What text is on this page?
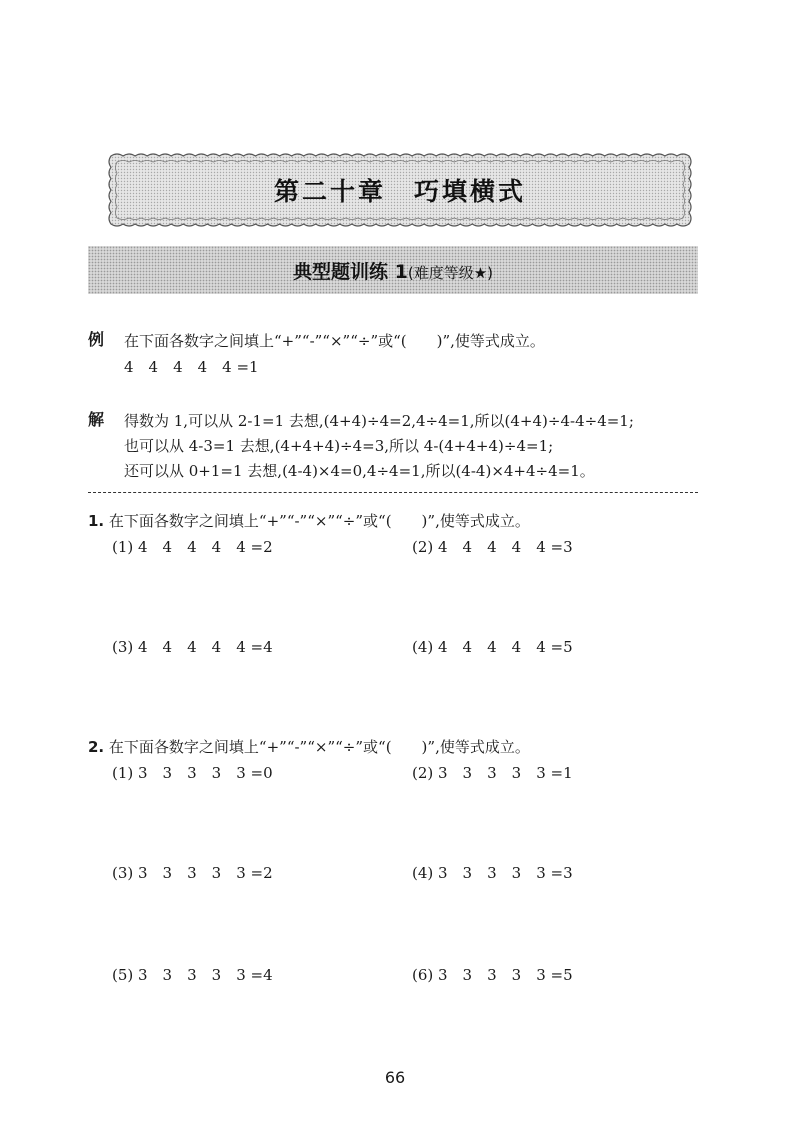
第二十章　巧填横式
典型题训练 1(难度等级★)
例 在下面各数字之间填上“+”“-”“×”“÷”或“(　　)”,使等式成立。
4　4　4　4　4 =1
解 得数为 1,可以从 2-1=1 去想,(4+4)÷4=2,4÷4=1,所以(4+4)÷4-4÷4=1;
也可以从 4-3=1 去想,(4+4+4)÷4=3,所以 4-(4+4+4)÷4=1;
还可以从 0+1=1 去想,(4-4)×4=0,4÷4=1,所以(4-4)×4+4÷4=1。
1. 在下面各数字之间填上“+”“-”“×”“÷”或“(　　)”,使等式成立。
(1) 4　4　4　4　4 =2	(2) 4　4　4　4　4 =3
(3) 4　4　4　4　4 =4	(4) 4　4　4　4　4 =5
2. 在下面各数字之间填上“+”“-”“×”“÷”或“(　　)”,使等式成立。
(1) 3　3　3　3　3 =0	(2) 3　3　3　3　3 =1
(3) 3　3　3　3　3 =2	(4) 3　3　3　3　3 =3
(5) 3　3　3　3　3 =4	(6) 3　3　3　3　3 =5
66
